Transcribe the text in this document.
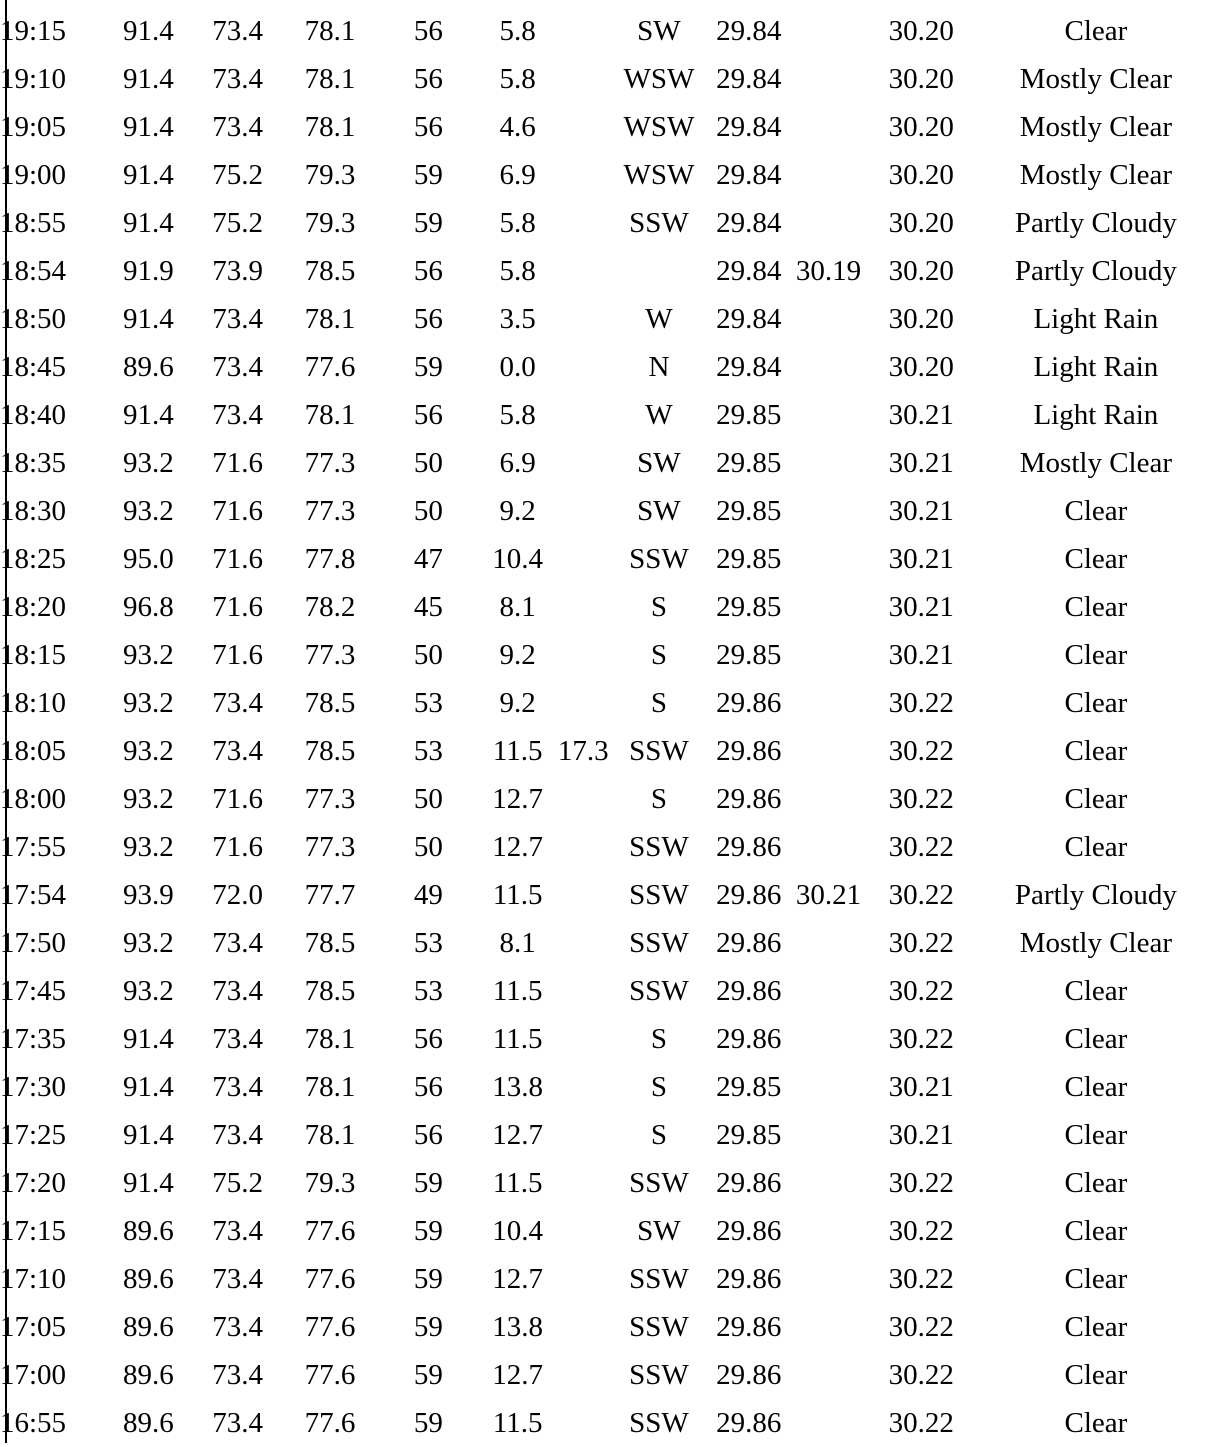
19:15	91.4	73.4	78.1	56	5.8		SW	29.84		30.20	Clear
19:10	91.4	73.4	78.1	56	5.8		WSW	29.84		30.20	Mostly Clear
19:05	91.4	73.4	78.1	56	4.6		WSW	29.84		30.20	Mostly Clear
19:00	91.4	75.2	79.3	59	6.9		WSW	29.84		30.20	Mostly Clear
18:55	91.4	75.2	79.3	59	5.8		SSW	29.84		30.20	Partly Cloudy
18:54	91.9	73.9	78.5	56	5.8			29.84	30.19	30.20	Partly Cloudy
18:50	91.4	73.4	78.1	56	3.5		W	29.84		30.20	Light Rain
18:45	89.6	73.4	77.6	59	0.0		N	29.84		30.20	Light Rain
18:40	91.4	73.4	78.1	56	5.8		W	29.85		30.21	Light Rain
18:35	93.2	71.6	77.3	50	6.9		SW	29.85		30.21	Mostly Clear
18:30	93.2	71.6	77.3	50	9.2		SW	29.85		30.21	Clear
18:25	95.0	71.6	77.8	47	10.4		SSW	29.85		30.21	Clear
18:20	96.8	71.6	78.2	45	8.1		S	29.85		30.21	Clear
18:15	93.2	71.6	77.3	50	9.2		S	29.85		30.21	Clear
18:10	93.2	73.4	78.5	53	9.2		S	29.86		30.22	Clear
18:05	93.2	73.4	78.5	53	11.5	17.3	SSW	29.86		30.22	Clear
18:00	93.2	71.6	77.3	50	12.7		S	29.86		30.22	Clear
17:55	93.2	71.6	77.3	50	12.7		SSW	29.86		30.22	Clear
17:54	93.9	72.0	77.7	49	11.5		SSW	29.86	30.21	30.22	Partly Cloudy
17:50	93.2	73.4	78.5	53	8.1		SSW	29.86		30.22	Mostly Clear
17:45	93.2	73.4	78.5	53	11.5		SSW	29.86		30.22	Clear
17:35	91.4	73.4	78.1	56	11.5		S	29.86		30.22	Clear
17:30	91.4	73.4	78.1	56	13.8		S	29.85		30.21	Clear
17:25	91.4	73.4	78.1	56	12.7		S	29.85		30.21	Clear
17:20	91.4	75.2	79.3	59	11.5		SSW	29.86		30.22	Clear
17:15	89.6	73.4	77.6	59	10.4		SW	29.86		30.22	Clear
17:10	89.6	73.4	77.6	59	12.7		SSW	29.86		30.22	Clear
17:05	89.6	73.4	77.6	59	13.8		SSW	29.86		30.22	Clear
17:00	89.6	73.4	77.6	59	12.7		SSW	29.86		30.22	Clear
16:55	89.6	73.4	77.6	59	11.5		SSW	29.86		30.22	Clear
